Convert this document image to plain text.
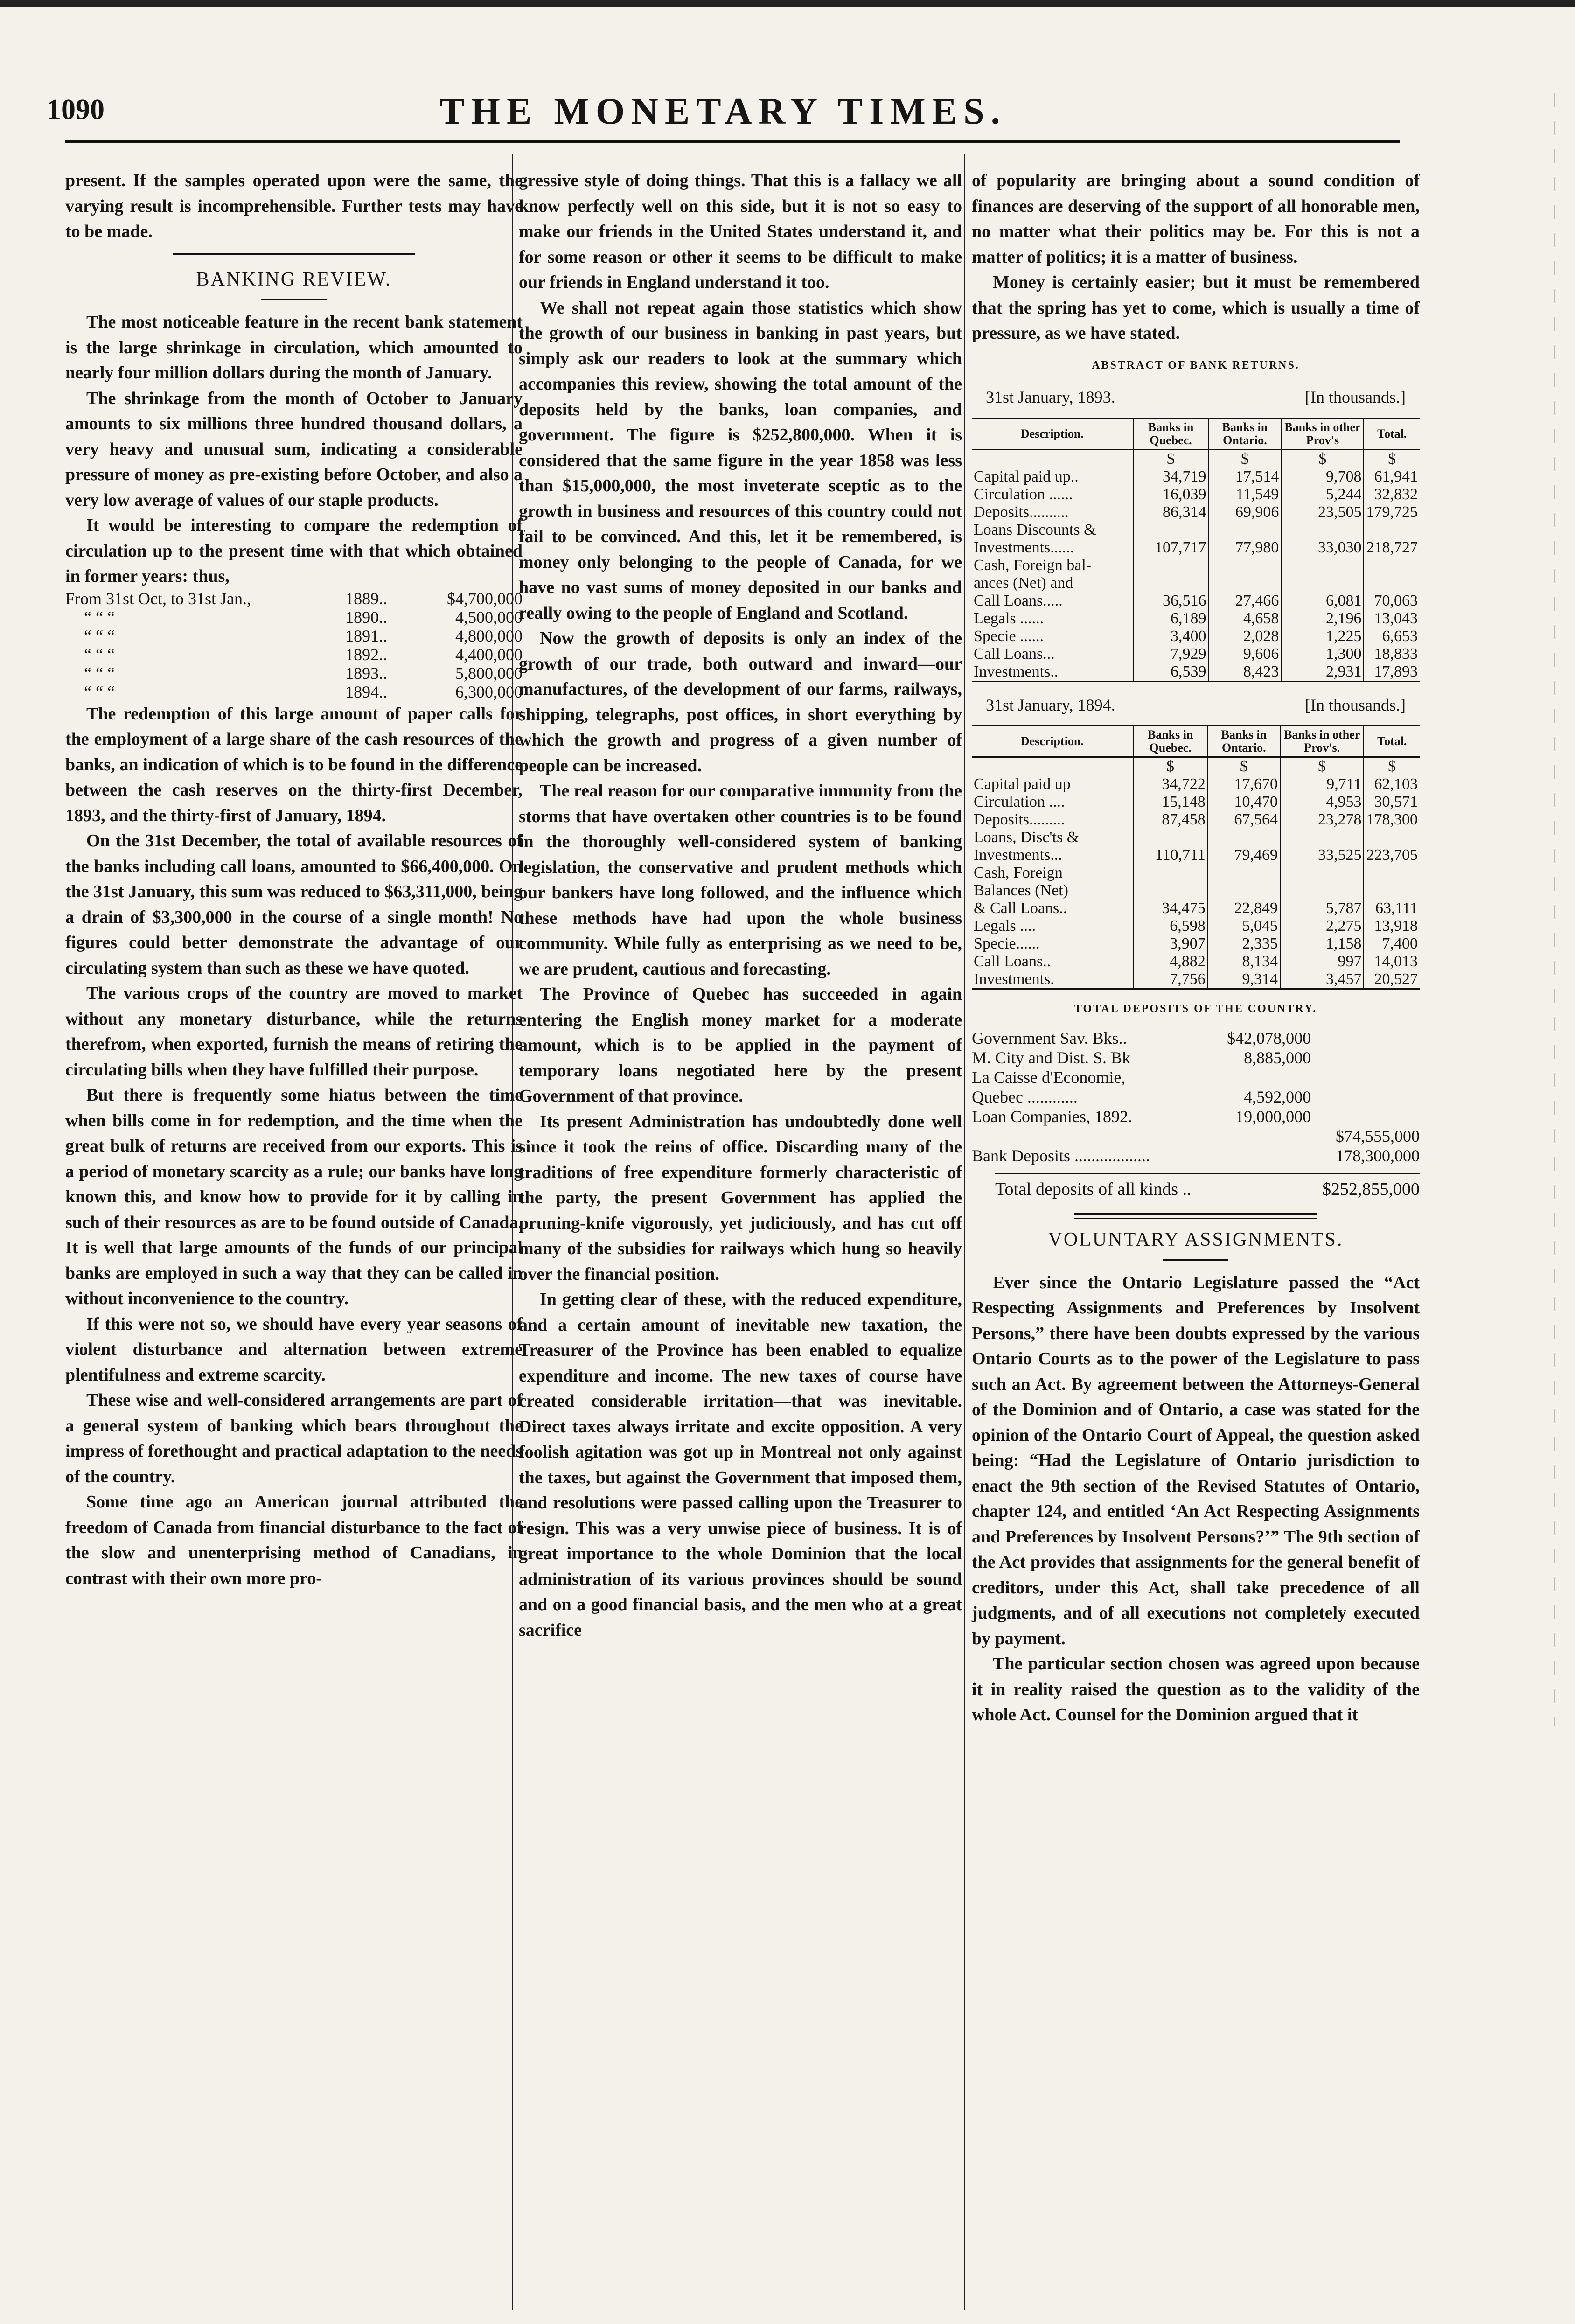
1090	THE MONETARY TIMES.

present. If the samples operated upon were the same, the varying result is incomprehensible. Further tests may have to be made.

BANKING REVIEW.

The most noticeable feature in the recent bank statement is the large shrinkage in circulation, which amounted to nearly four million dollars during the month of January.

The shrinkage from the month of October to January amounts to six millions three hundred thousand dollars, a very heavy and unusual sum, indicating a considerable pressure of money as pre-existing before October, and also a very low average of values of our staple products.

It would be interesting to compare the redemption of circulation up to the present time with that which obtained in former years: thus,

From 31st Oct, to 31st Jan.,	1889..	$4,700,000
“ “ “	1890..	4,500,000
“ “ “	1891..	4,800,000
“ “ “	1892..	4,400,000
“ “ “	1893..	5,800,000
“ “ “	1894..	6,300,000

The redemption of this large amount of paper calls for the employment of a large share of the cash resources of the banks, an indication of which is to be found in the difference between the cash reserves on the thirty-first December, 1893, and the thirty-first of January, 1894.

On the 31st December, the total of available resources of the banks including call loans, amounted to $66,400,000. On the 31st January, this sum was reduced to $63,311,000, being a drain of $3,300,000 in the course of a single month! No figures could better demonstrate the advantage of our circulating system than such as these we have quoted.

The various crops of the country are moved to market without any monetary disturbance, while the returns therefrom, when exported, furnish the means of retiring the circulating bills when they have fulfilled their purpose.

But there is frequently some hiatus between the time when bills come in for redemption, and the time when the great bulk of returns are received from our exports. This is a period of monetary scarcity as a rule; our banks have long known this, and know how to provide for it by calling in such of their resources as are to be found outside of Canada. It is well that large amounts of the funds of our principal banks are employed in such a way that they can be called in without inconvenience to the country.

If this were not so, we should have every year seasons of violent disturbance and alternation between extreme plentifulness and extreme scarcity.

These wise and well-considered arrangements are part of a general system of banking which bears throughout the impress of forethought and practical adaptation to the needs of the country.

Some time ago an American journal attributed the freedom of Canada from financial disturbance to the fact of the slow and unenterprising method of Canadians, in contrast with their own more pro-

gressive style of doing things. That this is a fallacy we all know perfectly well on this side, but it is not so easy to make our friends in the United States understand it, and for some reason or other it seems to be difficult to make our friends in England understand it too.

We shall not repeat again those statistics which show the growth of our business in banking in past years, but simply ask our readers to look at the summary which accompanies this review, showing the total amount of the deposits held by the banks, loan companies, and government. The figure is $252,800,000. When it is considered that the same figure in the year 1858 was less than $15,000,000, the most inveterate sceptic as to the growth in business and resources of this country could not fail to be convinced. And this, let it be remembered, is money only belonging to the people of Canada, for we have no vast sums of money deposited in our banks and really owing to the people of England and Scotland.

Now the growth of deposits is only an index of the growth of our trade, both outward and inward—our manufactures, of the development of our farms, railways, shipping, telegraphs, post offices, in short everything by which the growth and progress of a given number of people can be increased.

The real reason for our comparative immunity from the storms that have overtaken other countries is to be found in the thoroughly well-considered system of banking legislation, the conservative and prudent methods which our bankers have long followed, and the influence which these methods have had upon the whole business community. While fully as enterprising as we need to be, we are prudent, cautious and forecasting.

The Province of Quebec has succeeded in again entering the English money market for a moderate amount, which is to be applied in the payment of temporary loans negotiated here by the present Government of that province.

Its present Administration has undoubtedly done well since it took the reins of office. Discarding many of the traditions of free expenditure formerly characteristic of the party, the present Government has applied the pruning-knife vigorously, yet judiciously, and has cut off many of the subsidies for railways which hung so heavily over the financial position.

In getting clear of these, with the reduced expenditure, and a certain amount of inevitable new taxation, the Treasurer of the Province has been enabled to equalize expenditure and income. The new taxes of course have created considerable irritation—that was inevitable. Direct taxes always irritate and excite opposition. A very foolish agitation was got up in Montreal not only against the taxes, but against the Government that imposed them, and resolutions were passed calling upon the Treasurer to resign. This was a very unwise piece of business. It is of great importance to the whole Dominion that the local administration of its various provinces should be sound and on a good financial basis, and the men who at a great sacrifice

of popularity are bringing about a sound condition of finances are deserving of the support of all honorable men, no matter what their politics may be. For this is not a matter of politics; it is a matter of business.

Money is certainly easier; but it must be remembered that the spring has yet to come, which is usually a time of pressure, as we have stated.

ABSTRACT OF BANK RETURNS.
31st January, 1893.	[In thousands.]
Description.	Banks in Quebec.	Banks in Ontario.	Banks in other Prov's	Total.
	$	$	$	$
Capital paid up..	34,719	17,514	9,708	61,941
Circulation ......	16,039	11,549	5,244	32,832
Deposits..........	86,314	69,906	23,505	179,725
Loans Discounts &				
Investments......	107,717	77,980	33,030	218,727
Cash, Foreign bal-				
ances (Net) and				
Call Loans.....	36,516	27,466	6,081	70,063
Legals ......	6,189	4,658	2,196	13,043
Specie ......	3,400	2,028	1,225	6,653
Call Loans...	7,929	9,606	1,300	18,833
Investments..	6,539	8,423	2,931	17,893
31st January, 1894.	[In thousands.]
Description.	Banks in Quebec.	Banks in Ontario.	Banks in other Prov's.	Total.
	$	$	$	$
Capital paid up	34,722	17,670	9,711	62,103
Circulation ....	15,148	10,470	4,953	30,571
Deposits.........	87,458	67,564	23,278	178,300
Loans, Disc'ts &				
Investments...	110,711	79,469	33,525	223,705
Cash, Foreign				
Balances (Net)				
& Call Loans..	34,475	22,849	5,787	63,111
Legals ....	6,598	5,045	2,275	13,918
Specie......	3,907	2,335	1,158	7,400
Call Loans..	4,882	8,134	997	14,013
Investments.	7,756	9,314	3,457	20,527
TOTAL DEPOSITS OF THE COUNTRY.
Government Sav. Bks..	$42,078,000	
M. City and Dist. S. Bk	8,885,000	
La Caisse d'Economie,		
Quebec ............	4,592,000	
Loan Companies, 1892.	19,000,000	
		$74,555,000
Bank Deposits ..................		178,300,000
Total deposits of all kinds ..	$252,855,000
VOLUNTARY ASSIGNMENTS.

Ever since the Ontario Legislature passed the “Act Respecting Assignments and Preferences by Insolvent Persons,” there have been doubts expressed by the various Ontario Courts as to the power of the Legislature to pass such an Act. By agreement between the Attorneys-General of the Dominion and of Ontario, a case was stated for the opinion of the Ontario Court of Appeal, the question asked being: “Had the Legislature of Ontario jurisdiction to enact the 9th section of the Revised Statutes of Ontario, chapter 124, and entitled ‘An Act Respecting Assignments and Preferences by Insolvent Persons?’” The 9th section of the Act provides that assignments for the general benefit of creditors, under this Act, shall take precedence of all judgments, and of all executions not completely executed by payment.

The particular section chosen was agreed upon because it in reality raised the question as to the validity of the whole Act. Counsel for the Dominion argued that it
